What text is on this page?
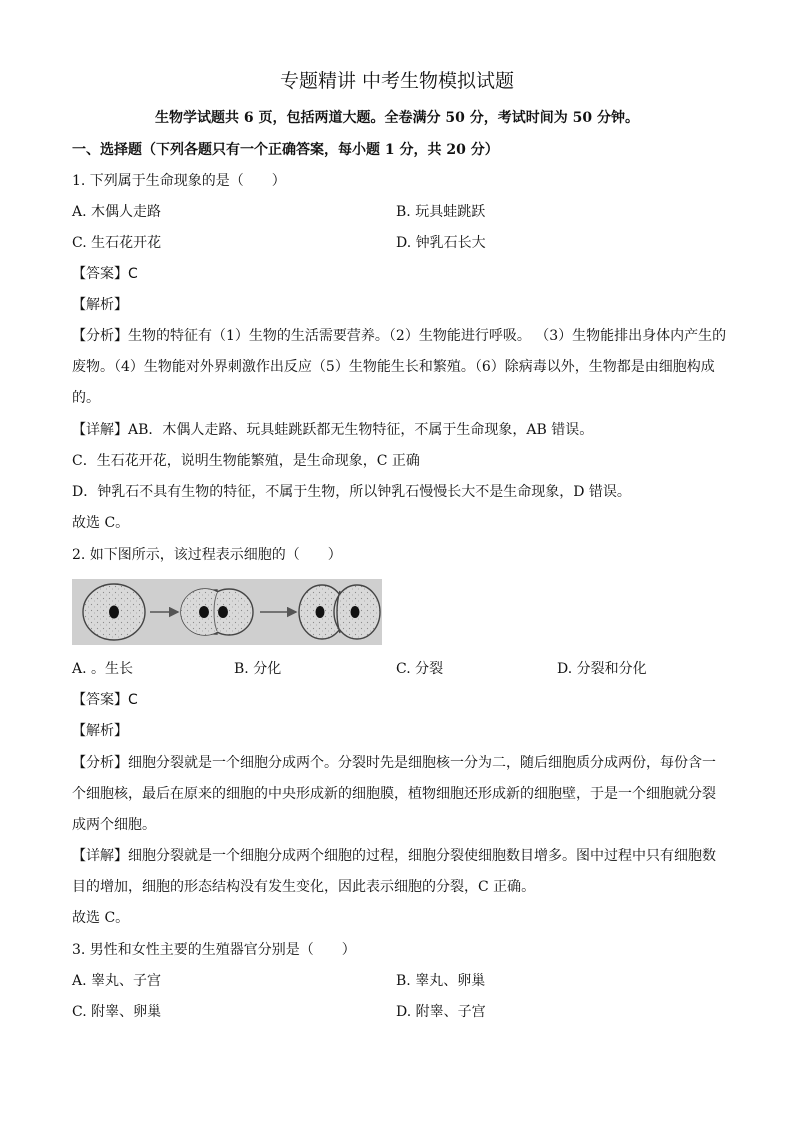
专题精讲 中考生物模拟试题
生物学试题共 6 页，包括两道大题。全卷满分 50 分，考试时间为 50 分钟。
一、选择题（下列各题只有一个正确答案，每小题 1 分，共 20 分）
1. 下列属于生命现象的是（　　）
A. 木偶人走路	B. 玩具蛙跳跃
C. 生石花开花	D. 钟乳石长大
【答案】C
【解析】
【分析】生物的特征有（1）生物的生活需要营养。（2）生物能进行呼吸。 （3）生物能排出身体内产生的
废物。（4）生物能对外界刺激作出反应（5）生物能生长和繁殖。（6）除病毒以外，生物都是由细胞构成
的。
【详解】AB．木偶人走路、玩具蛙跳跃都无生物特征，不属于生命现象，AB 错误。
C．生石花开花，说明生物能繁殖，是生命现象，C 正确
D．钟乳石不具有生物的特征，不属于生物，所以钟乳石慢慢长大不是生命现象，D 错误。
故选 C。
2. 如下图所示，该过程表示细胞的（　　）
A. 。生长	B. 分化	C. 分裂	D. 分裂和分化
【答案】C
【解析】
【分析】细胞分裂就是一个细胞分成两个。分裂时先是细胞核一分为二，随后细胞质分成两份，每份含一
个细胞核，最后在原来的细胞的中央形成新的细胞膜，植物细胞还形成新的细胞壁，于是一个细胞就分裂
成两个细胞。
【详解】细胞分裂就是一个细胞分成两个细胞的过程，细胞分裂使细胞数目增多。图中过程中只有细胞数
目的增加，细胞的形态结构没有发生变化，因此表示细胞的分裂，C 正确。
故选 C。
3. 男性和女性主要的生殖器官分别是（　　）
A. 睾丸、子宫	B. 睾丸、卵巢
C. 附睾、卵巢	D. 附睾、子宫
